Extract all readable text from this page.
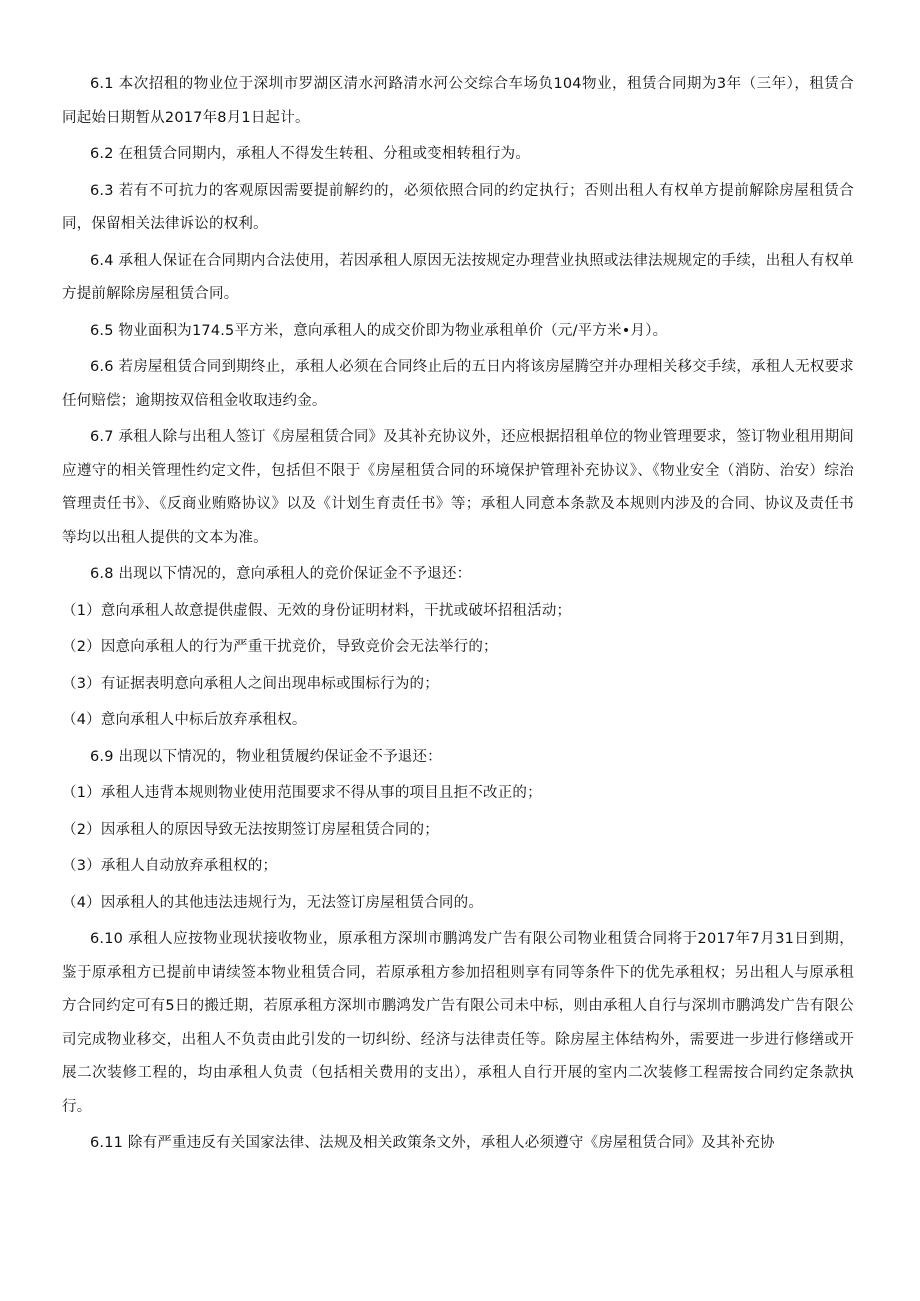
6.1 本次招租的物业位于深圳市罗湖区清水河路清水河公交综合车场负104物业，租赁合同期为3年（三年），租赁合同起始日期暂从2017年8月1日起计。

6.2 在租赁合同期内，承租人不得发生转租、分租或变相转租行为。

6.3 若有不可抗力的客观原因需要提前解约的，必须依照合同的约定执行；否则出租人有权单方提前解除房屋租赁合同，保留相关法律诉讼的权利。

6.4 承租人保证在合同期内合法使用，若因承租人原因无法按规定办理营业执照或法律法规规定的手续，出租人有权单方提前解除房屋租赁合同。

6.5 物业面积为174.5平方米，意向承租人的成交价即为物业承租单价（元/平方米•月）。

6.6 若房屋租赁合同到期终止，承租人必须在合同终止后的五日内将该房屋腾空并办理相关移交手续，承租人无权要求任何赔偿；逾期按双倍租金收取违约金。

6.7 承租人除与出租人签订《房屋租赁合同》及其补充协议外，还应根据招租单位的物业管理要求，签订物业租用期间应遵守的相关管理性约定文件，包括但不限于《房屋租赁合同的环境保护管理补充协议》、《物业安全（消防、治安）综治管理责任书》、《反商业贿赂协议》以及《计划生育责任书》等；承租人同意本条款及本规则内涉及的合同、协议及责任书等均以出租人提供的文本为准。

6.8 出现以下情况的，意向承租人的竞价保证金不予退还：

（1）意向承租人故意提供虚假、无效的身份证明材料，干扰或破坏招租活动；

（2）因意向承租人的行为严重干扰竞价，导致竞价会无法举行的；

（3）有证据表明意向承租人之间出现串标或围标行为的；

（4）意向承租人中标后放弃承租权。

6.9 出现以下情况的，物业租赁履约保证金不予退还：

（1）承租人违背本规则物业使用范围要求不得从事的项目且拒不改正的；

（2）因承租人的原因导致无法按期签订房屋租赁合同的；

（3）承租人自动放弃承租权的；

（4）因承租人的其他违法违规行为，无法签订房屋租赁合同的。

6.10 承租人应按物业现状接收物业，原承租方深圳市鹏鸿发广告有限公司物业租赁合同将于2017年7月31日到期，鉴于原承租方已提前申请续签本物业租赁合同，若原承租方参加招租则享有同等条件下的优先承租权；另出租人与原承租方合同约定可有5日的搬迁期，若原承租方深圳市鹏鸿发广告有限公司未中标，则由承租人自行与深圳市鹏鸿发广告有限公司完成物业移交，出租人不负责由此引发的一切纠纷、经济与法律责任等。除房屋主体结构外，需要进一步进行修缮或开展二次装修工程的，均由承租人负责（包括相关费用的支出），承租人自行开展的室内二次装修工程需按合同约定条款执行。

6.11 除有严重违反有关国家法律、法规及相关政策条文外，承租人必须遵守《房屋租赁合同》及其补充协
